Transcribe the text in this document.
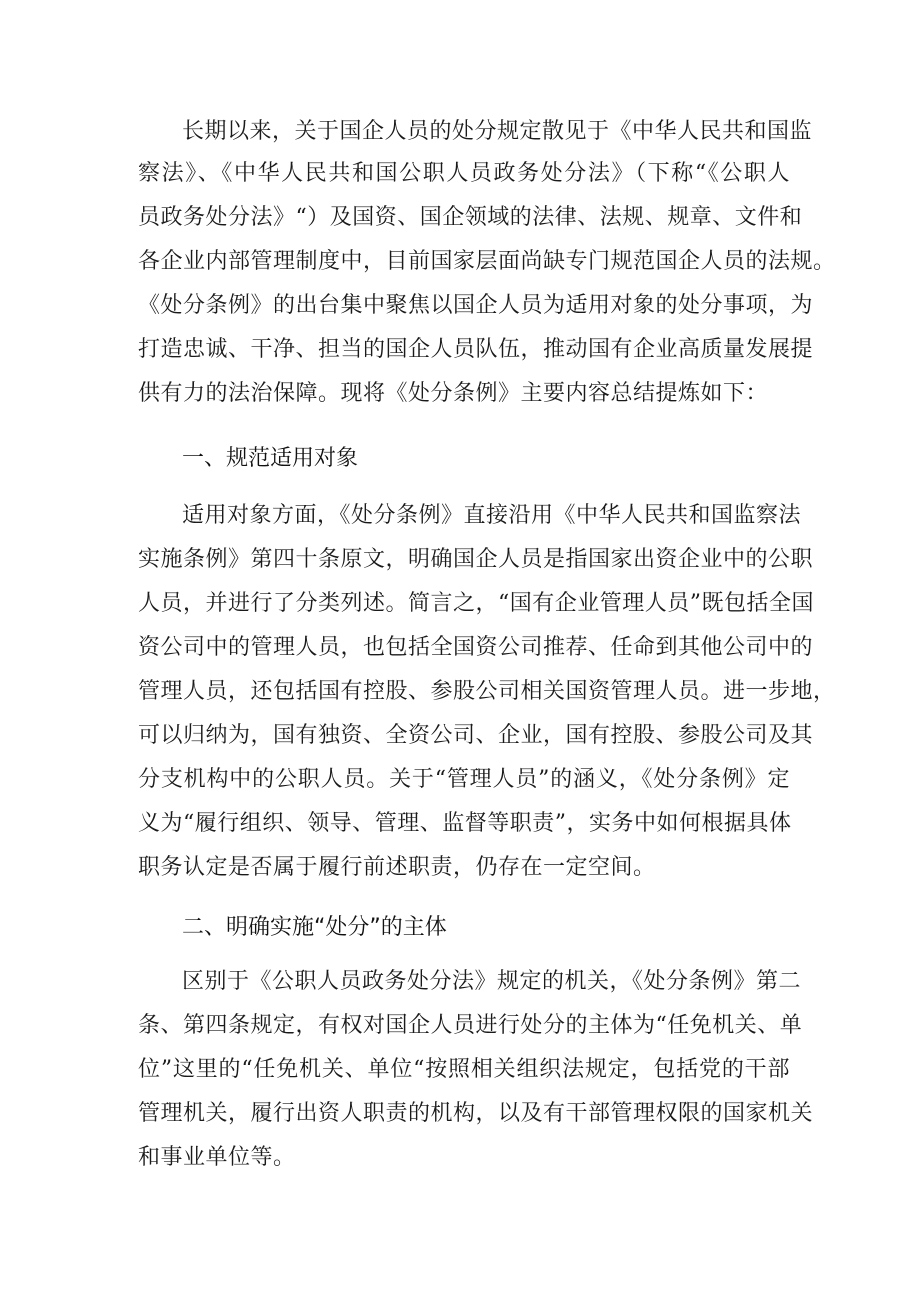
长期以来，关于国企人员的处分规定散见于《中华人民共和国监
察法》、《中华人民共和国公职人员政务处分法》（下称“《公职人
员政务处分法》“）及国资、国企领域的法律、法规、规章、文件和
各企业内部管理制度中，目前国家层面尚缺专门规范国企人员的法规。
《处分条例》的出台集中聚焦以国企人员为适用对象的处分事项，为
打造忠诚、干净、担当的国企人员队伍，推动国有企业高质量发展提
供有力的法治保障。现将《处分条例》主要内容总结提炼如下：
一、规范适用对象
适用对象方面，《处分条例》直接沿用《中华人民共和国监察法
实施条例》第四十条原文，明确国企人员是指国家出资企业中的公职
人员，并进行了分类列述。简言之，“国有企业管理人员”既包括全国
资公司中的管理人员，也包括全国资公司推荐、任命到其他公司中的
管理人员，还包括国有控股、参股公司相关国资管理人员。进一步地，
可以归纳为，国有独资、全资公司、企业，国有控股、参股公司及其
分支机构中的公职人员。关于“管理人员”的涵义，《处分条例》定
义为“履行组织、领导、管理、监督等职责”，实务中如何根据具体
职务认定是否属于履行前述职责，仍存在一定空间。
二、明确实施“处分”的主体
区别于《公职人员政务处分法》规定的机关，《处分条例》第二
条、第四条规定，有权对国企人员进行处分的主体为“任免机关、单
位”这里的“任免机关、单位“按照相关组织法规定，包括党的干部
管理机关，履行出资人职责的机构，以及有干部管理权限的国家机关
和事业单位等。
